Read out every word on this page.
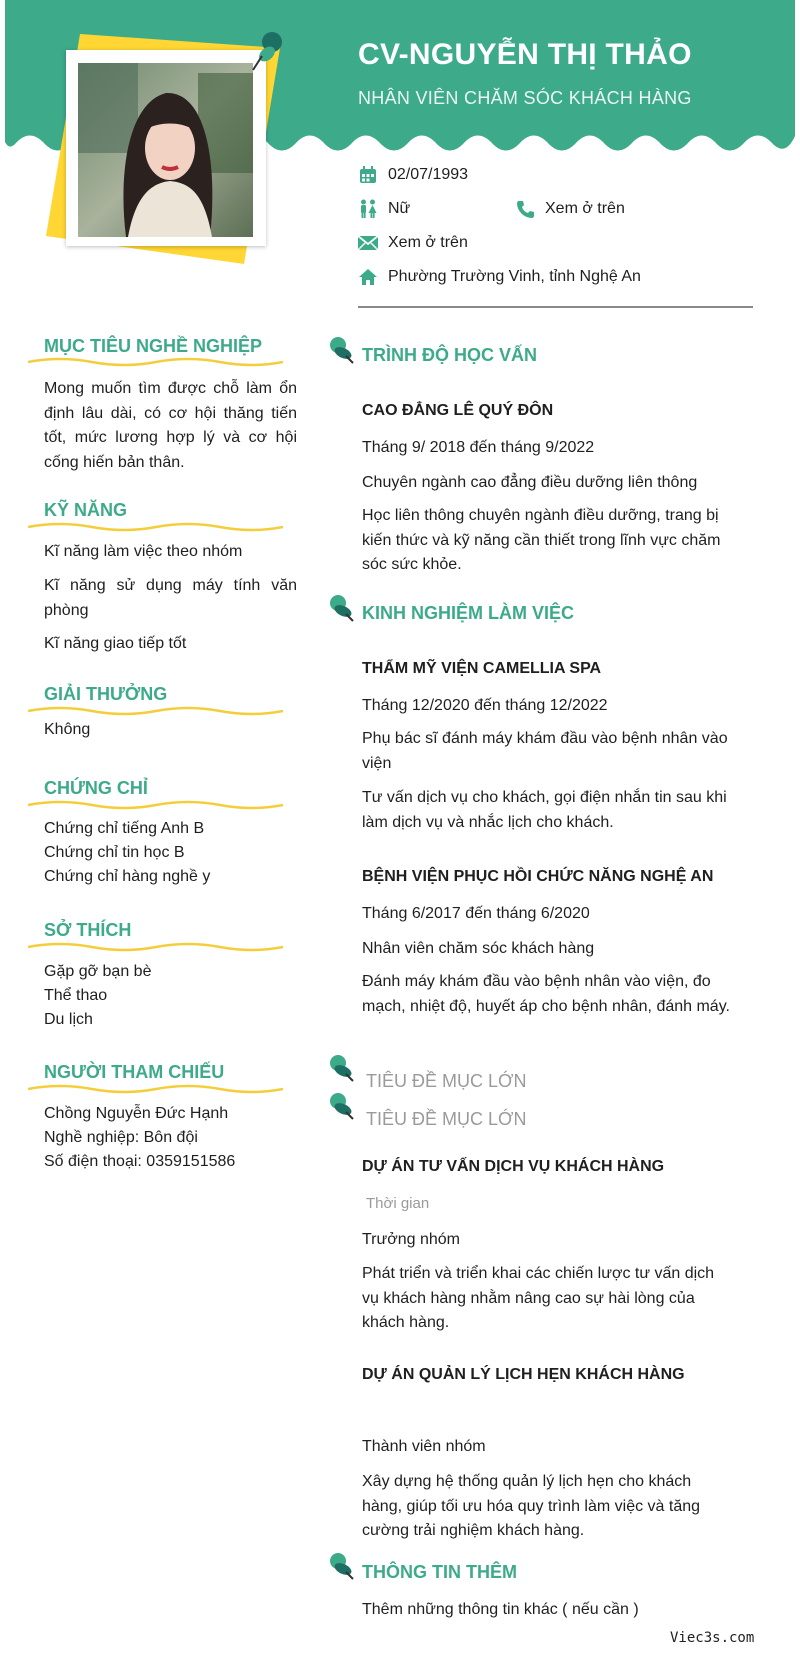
CV-NGUYỄN THỊ THẢO
NHÂN VIÊN CHĂM SÓC KHÁCH HÀNG
02/07/1993
Nữ	Xem ở trên
Xem ở trên
Phường Trường Vinh, tỉnh Nghệ An
MỤC TIÊU NGHỀ NGHIỆP
Mong muốn tìm được chỗ làm ổn định lâu dài, có cơ hội thăng tiến tốt, mức lương hợp lý và cơ hội cống hiến bản thân.
KỸ NĂNG
Kĩ năng làm việc theo nhóm
Kĩ năng sử dụng máy tính văn phòng
Kĩ năng giao tiếp tốt
GIẢI THƯỞNG
Không
CHỨNG CHỈ
Chứng chỉ tiếng Anh B
Chứng chỉ tin học B
Chứng chỉ hàng nghề y
SỞ THÍCH
Gặp gỡ bạn bè
Thể thao
Du lịch
NGƯỜI THAM CHIẾU
Chồng Nguyễn Đức Hạnh
Nghề nghiệp: Bôn đội
Số điện thoại: 0359151586
TRÌNH ĐỘ HỌC VẤN
CAO ĐẲNG LÊ QUÝ ĐÔN
Tháng 9/ 2018 đến tháng 9/2022
Chuyên ngành cao đẳng điều dưỡng liên thông
Học liên thông chuyên ngành điều dưỡng, trang bị kiến thức và kỹ năng cần thiết trong lĩnh vực chăm sóc sức khỏe.
KINH NGHIỆM LÀM VIỆC
THẨM MỸ VIỆN CAMELLIA SPA
Tháng 12/2020 đến tháng 12/2022
Phụ bác sĩ đánh máy khám đầu vào bệnh nhân vào viện
Tư vấn dịch vụ cho khách, gọi điện nhắn tin sau khi làm dịch vụ và nhắc lịch cho khách.
BỆNH VIỆN PHỤC HỒI CHỨC NĂNG NGHỆ AN
Tháng 6/2017 đến tháng 6/2020
Nhân viên chăm sóc khách hàng
Đánh máy khám đầu vào bệnh nhân vào viện, đo mạch, nhiệt độ, huyết áp cho bệnh nhân, đánh máy.
TIÊU ĐỀ MỤC LỚN
TIÊU ĐỀ MỤC LỚN
DỰ ÁN TƯ VẤN DỊCH VỤ KHÁCH HÀNG
Thời gian
Trưởng nhóm
Phát triển và triển khai các chiến lược tư vấn dịch vụ khách hàng nhằm nâng cao sự hài lòng của khách hàng.
DỰ ÁN QUẢN LÝ LỊCH HẸN KHÁCH HÀNG
Thành viên nhóm
Xây dựng hệ thống quản lý lịch hẹn cho khách hàng, giúp tối ưu hóa quy trình làm việc và tăng cường trải nghiệm khách hàng.
THÔNG TIN THÊM
Thêm những thông tin khác ( nếu cần )
Viec3s.com
